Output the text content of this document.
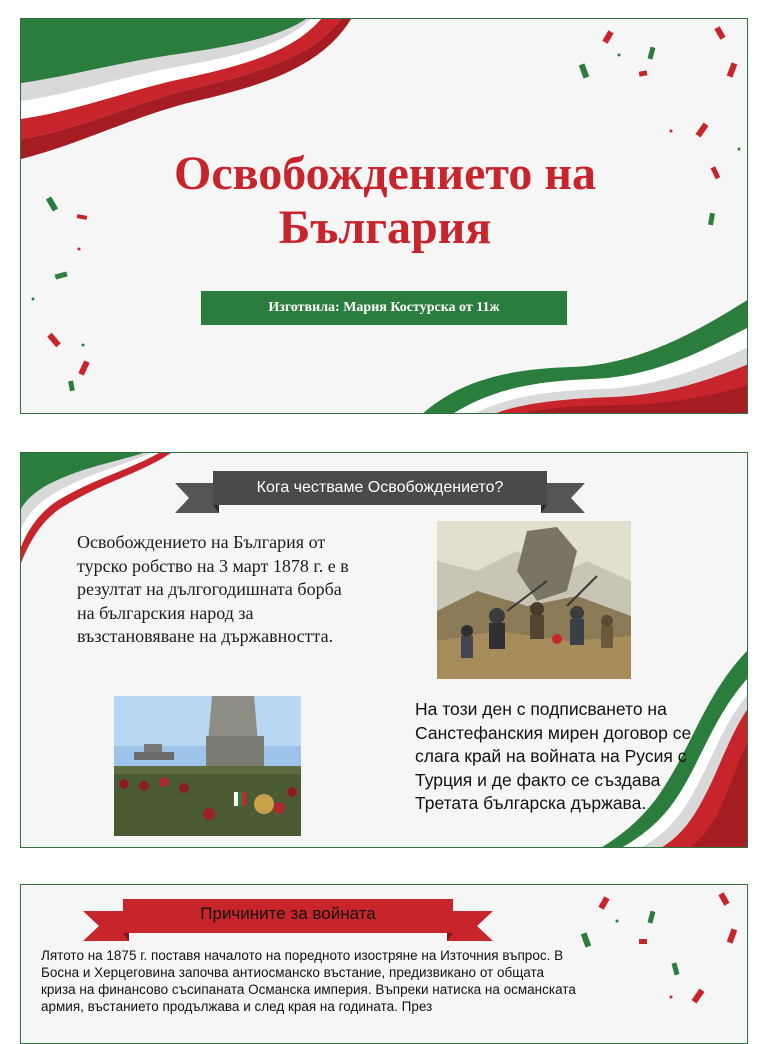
Освобождението на
България
Изготвила: Мария Костурска от 11ж
Кога честваме Освобождението?

Освобождението на България от турско робство на 3 март 1878 г. е в резултат на дългогодишната борба на българския народ за възстановяване на държавността.

На този ден с подписването на Санстефанския мирен договор се слага край на войната на Русия с Турция и де факто се създава Третата българска държава.

Причините за войната

Лятото на 1875 г. поставя началото на поредното изостряне на Източния въпрос. В Босна и Херцеговина започва антиосманско въстание, предизвикано от общата криза на финансово съсипаната Османска империя. Въпреки натиска на османската армия, въстанието продължава и след края на годината. През
